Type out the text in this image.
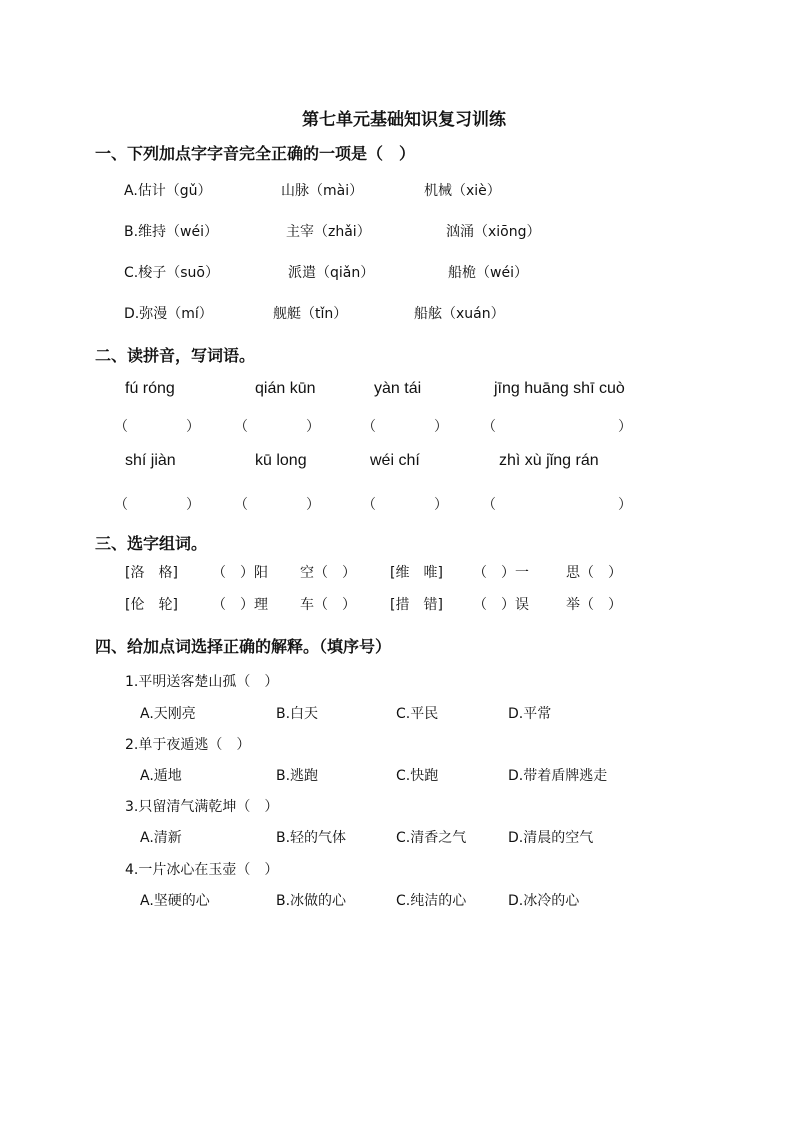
第七单元基础知识复习训练
一、下列加点字字音完全正确的一项是（　）
A.估计（gǔ）	山脉（mài）	机械（xiè）
B.维持（wéi）	主宰（zhǎi）	汹涌（xiōng）
C.梭子（suō）	派遣（qiǎn）	船桅（wéi）
D.弥漫（mí）	舰艇（tǐn）	船舷（xuán）
二、读拼音，写词语。
fú róng	qián kūn	yàn tái	jīng huāng shī cuò
（	） （	）	（	） （	）
shí jiàn	kū long	wéi chí	zhì xù jǐng rán
（	） （	）	（	） （	）
三、选字组词。
[洛　格] （　）阳 空（　） [维　唯] （　）一	思（　）
[伦　轮] （　）理 车（　） [措　错] （　）误	举（　）
四、给加点词选择正确的解释。（填序号）
1.平明送客楚山孤（　）
A.天刚亮	B.白天	C.平民	D.平常
2.单于夜遁逃（　）
A.遁地	B.逃跑	C.快跑	D.带着盾牌逃走
3.只留清气满乾坤（　）
A.清新	B.轻的气体	C.清香之气	D.清晨的空气
4.一片冰心在玉壶（　）
A.坚硬的心	B.冰做的心	C.纯洁的心	D.冰冷的心
